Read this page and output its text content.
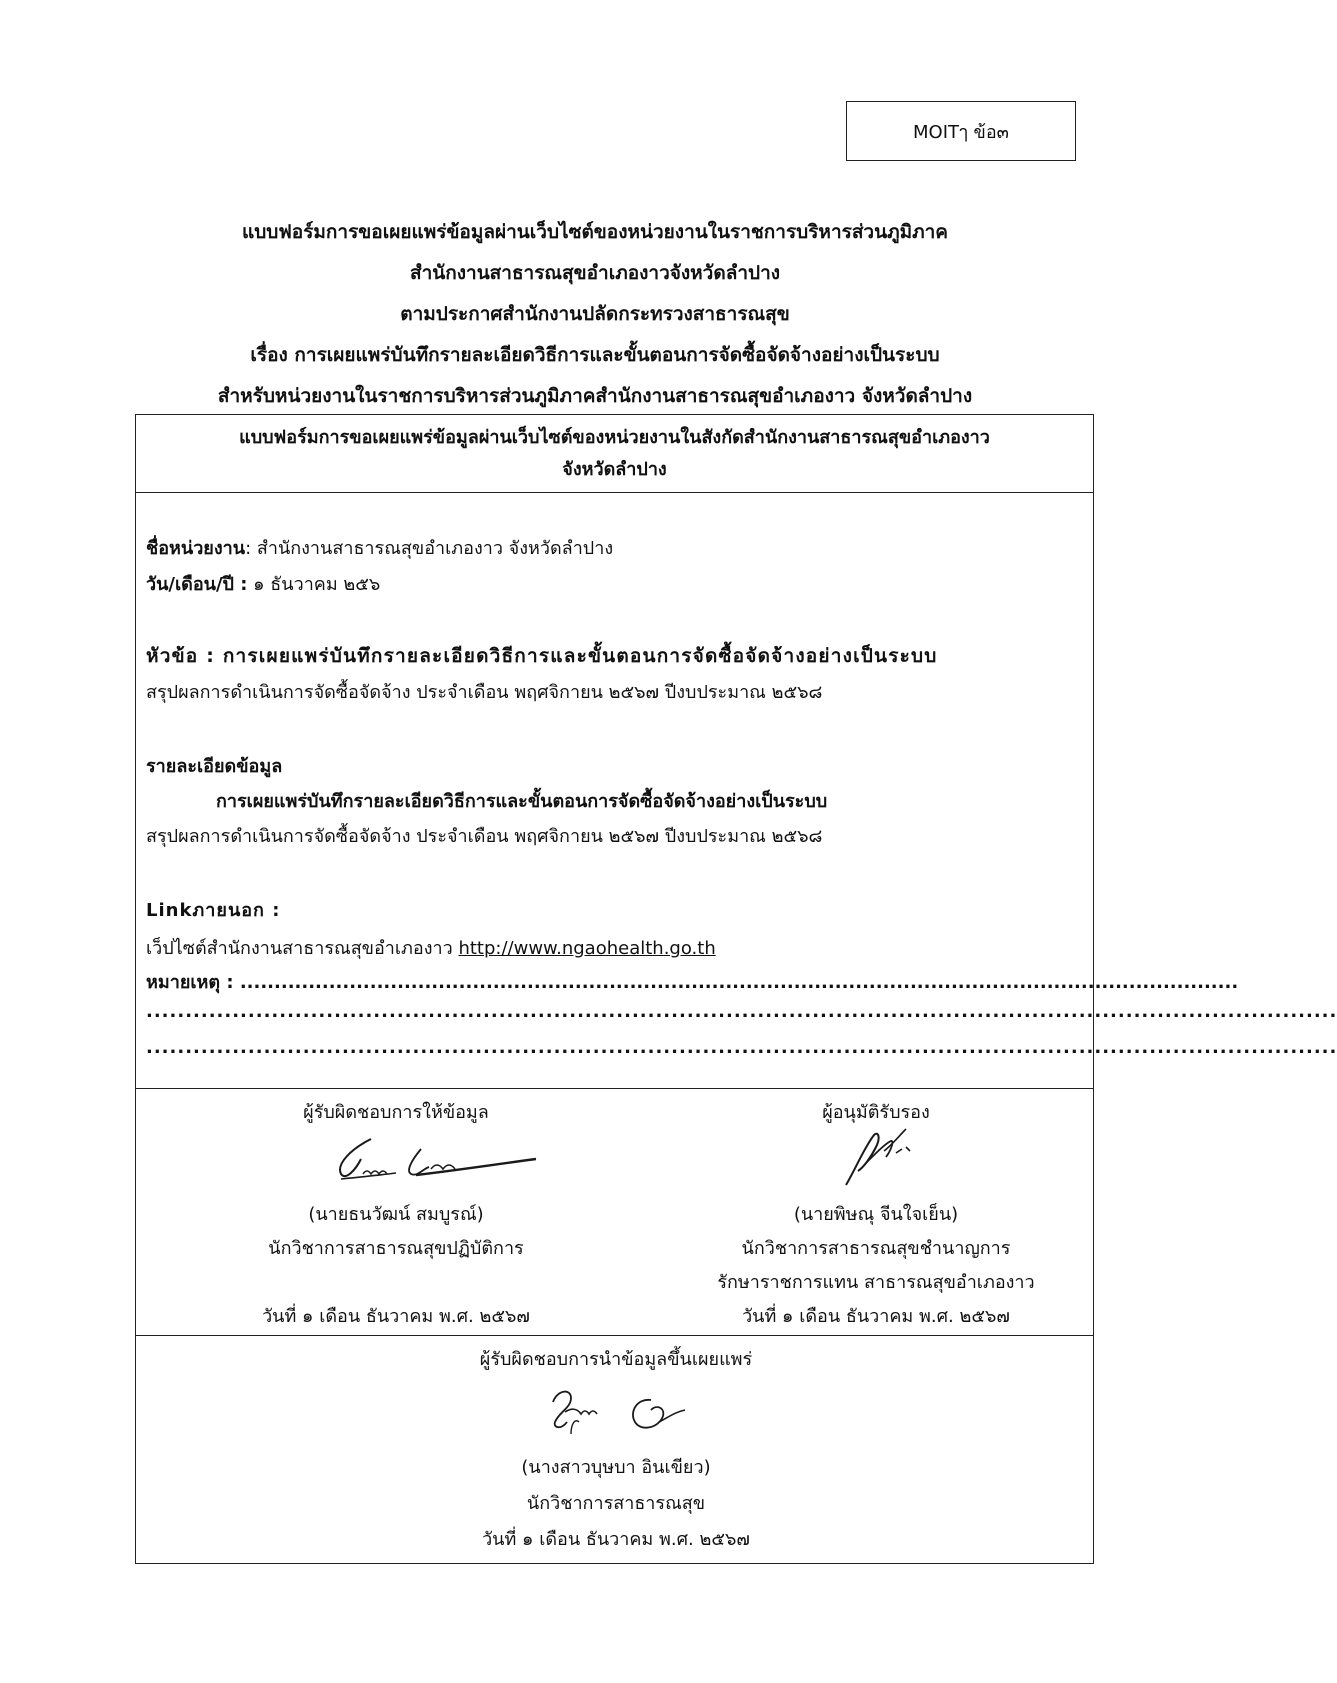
MOITๅ ข้อ๓
แบบฟอร์มการขอเผยแพร่ข้อมูลผ่านเว็บไซต์ของหน่วยงานในราชการบริหารส่วนภูมิภาค
สำนักงานสาธารณสุขอำเภองาวจังหวัดลำปาง
ตามประกาศสำนักงานปลัดกระทรวงสาธารณสุข
เรื่อง การเผยแพร่บันทึกรายละเอียดวิธีการและขั้นตอนการจัดซื้อจัดจ้างอย่างเป็นระบบ
สำหรับหน่วยงานในราชการบริหารส่วนภูมิภาคสำนักงานสาธารณสุขอำเภองาว จังหวัดลำปาง
แบบฟอร์มการขอเผยแพร่ข้อมูลผ่านเว็บไซต์ของหน่วยงานในสังกัดสำนักงานสาธารณสุขอำเภองาว
จังหวัดลำปาง
ชื่อหน่วยงาน: สำนักงานสาธารณสุขอำเภองาว จังหวัดลำปาง
วัน/เดือน/ปี : ๑ ธันวาคม ๒๕๖
หัวข้อ : การเผยแพร่บันทึกรายละเอียดวิธีการและขั้นตอนการจัดซื้อจัดจ้างอย่างเป็นระบบ
สรุปผลการดำเนินการจัดซื้อจัดจ้าง ประจำเดือน พฤศจิกายน ๒๕๖๗ ปีงบประมาณ ๒๕๖๘
รายละเอียดข้อมูล
การเผยแพร่บันทึกรายละเอียดวิธีการและขั้นตอนการจัดซื้อจัดจ้างอย่างเป็นระบบ
สรุปผลการดำเนินการจัดซื้อจัดจ้าง ประจำเดือน พฤศจิกายน ๒๕๖๗ ปีงบประมาณ ๒๕๖๘
Linkภายนอก :
เว็ปไซต์สำนักงานสาธารณสุขอำเภองาว http://www.ngaohealth.go.th
หมายเหตุ : ..................................................................................................................................................
........................................................................................................................................................
........................................................................................................................................................
ผู้รับผิดชอบการให้ข้อมูล
(นายธนวัฒน์ สมบูรณ์)
นักวิชาการสาธารณสุขปฏิบัติการ
วันที่ ๑ เดือน ธันวาคม พ.ศ. ๒๕๖๗
ผู้อนุมัติรับรอง
(นายพิษณุ จีนใจเย็น)
นักวิชาการสาธารณสุขชำนาญการ
รักษาราชการแทน สาธารณสุขอำเภองาว
วันที่ ๑ เดือน ธันวาคม พ.ศ. ๒๕๖๗
ผู้รับผิดชอบการนำข้อมูลขึ้นเผยแพร่
(นางสาวบุษบา อินเขียว)
นักวิชาการสาธารณสุข
วันที่ ๑ เดือน ธันวาคม พ.ศ. ๒๕๖๗
